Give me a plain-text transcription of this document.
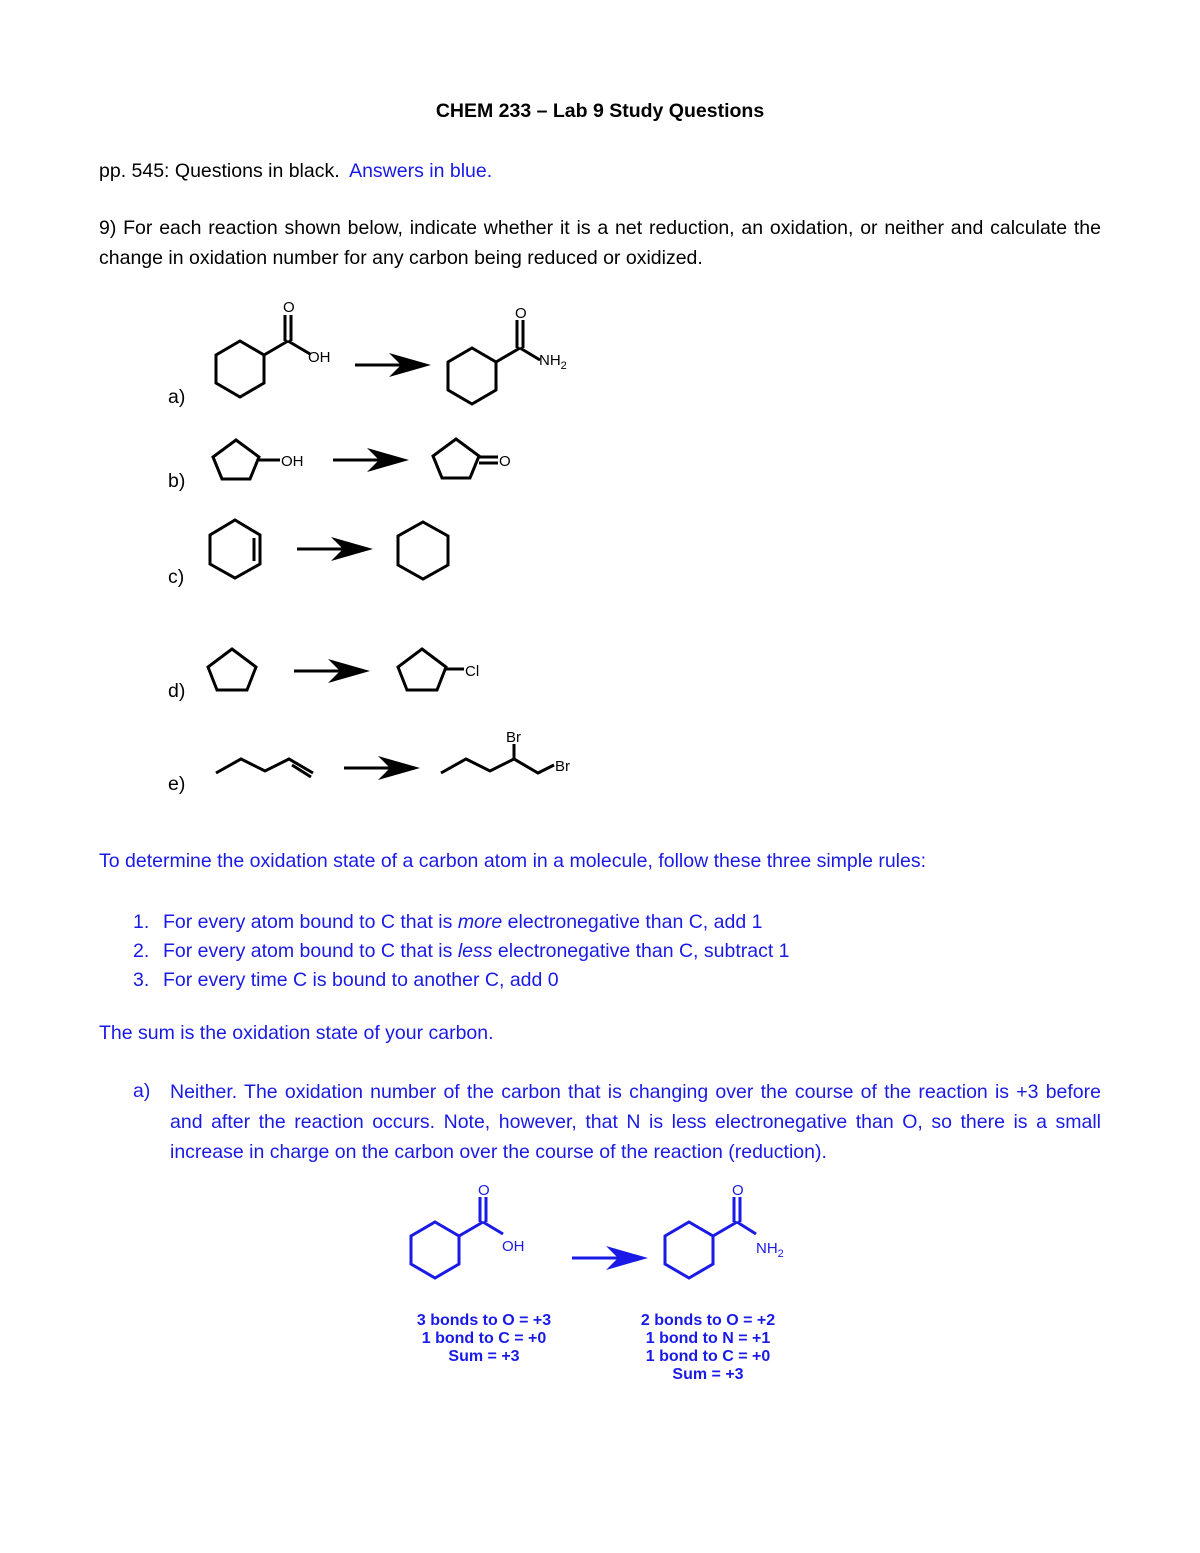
CHEM 233 – Lab 9 Study Questions
pp. 545: Questions in black. Answers in blue.
9) For each reaction shown below, indicate whether it is a net reduction, an oxidation, or neither and calculate the change in oxidation number for any carbon being reduced or oxidized.
a)
b)
c)
d)
e)
O
OH
O
$NH_2$
OH	O
Cl
Br
Br
To determine the oxidation state of a carbon atom in a molecule, follow these three simple rules:
1. For every atom bound to C that is more electronegative than C, add 1
2. For every atom bound to C that is less electronegative than C, subtract 1
3. For every time C is bound to another C, add 0
The sum is the oxidation state of your carbon.
a) Neither. The oxidation number of the carbon that is changing over the course of the reaction is +3 before and after the reaction occurs. Note, however, that N is less electronegative than O, so there is a small increase in charge on the carbon over the course of the reaction (reduction).
O
OH
O
$NH_2$
3 bonds to O = +3
1 bond to C = +0
Sum = +3
2 bonds to O = +2
1 bond to N = +1
1 bond to C = +0
Sum = +3
